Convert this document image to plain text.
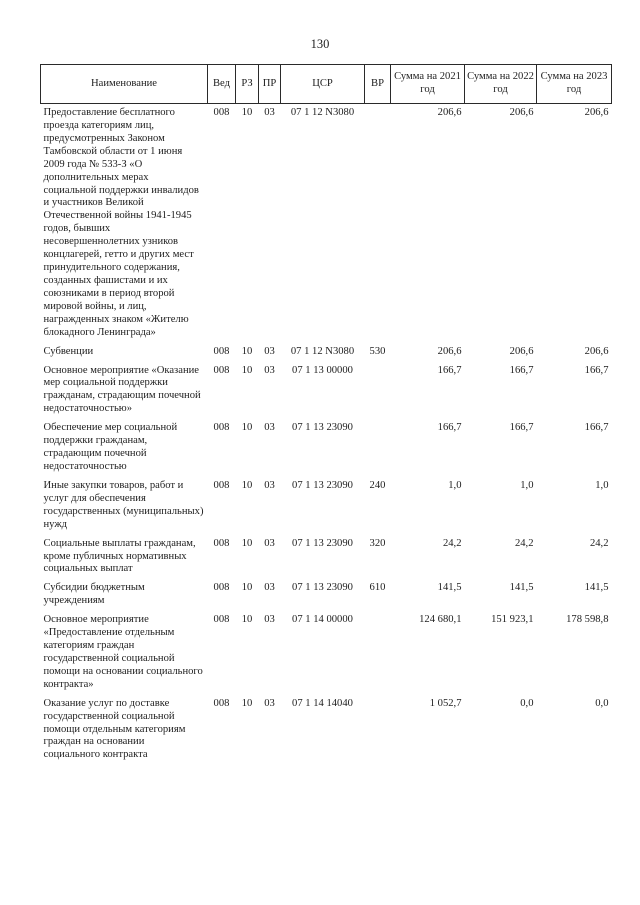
130
Наименование	Вед	РЗ	ПР	ЦСР	ВР	Сумма на 2021 год	Сумма на 2022 год	Сумма на 2023 год
Предоставление бесплатного проезда категориям лиц, предусмотренных Законом Тамбовской области от 1 июня 2009 года № 533-З «О дополнительных мерах социальной поддержки инвалидов и участников Великой Отечественной войны 1941-1945 годов, бывших несовершеннолетних узников концлагерей, гетто и других мест принудительного содержания, созданных фашистами и их союзниками в период второй мировой войны, и лиц, награжденных знаком «Жителю блокадного Ленинграда»	008	10	03	07 1 12 N3080		206,6	206,6	206,6
Субвенции	008	10	03	07 1 12 N3080	530	206,6	206,6	206,6
Основное мероприятие «Оказание мер социальной поддержки гражданам, страдающим почечной недостаточностью»	008	10	03	07 1 13 00000		166,7	166,7	166,7
Обеспечение мер социальной поддержки гражданам, страдающим почечной недостаточностью	008	10	03	07 1 13 23090		166,7	166,7	166,7
Иные закупки товаров, работ и услуг для обеспечения государственных (муниципальных) нужд	008	10	03	07 1 13 23090	240	1,0	1,0	1,0
Социальные выплаты гражданам, кроме публичных нормативных социальных выплат	008	10	03	07 1 13 23090	320	24,2	24,2	24,2
Субсидии бюджетным учреждениям	008	10	03	07 1 13 23090	610	141,5	141,5	141,5
Основное мероприятие «Предоставление отдельным категориям граждан государственной социальной помощи на основании социального контракта»	008	10	03	07 1 14 00000		124 680,1	151 923,1	178 598,8
Оказание услуг по доставке государственной социальной помощи отдельным категориям граждан на основании социального контракта	008	10	03	07 1 14 14040		1 052,7	0,0	0,0
